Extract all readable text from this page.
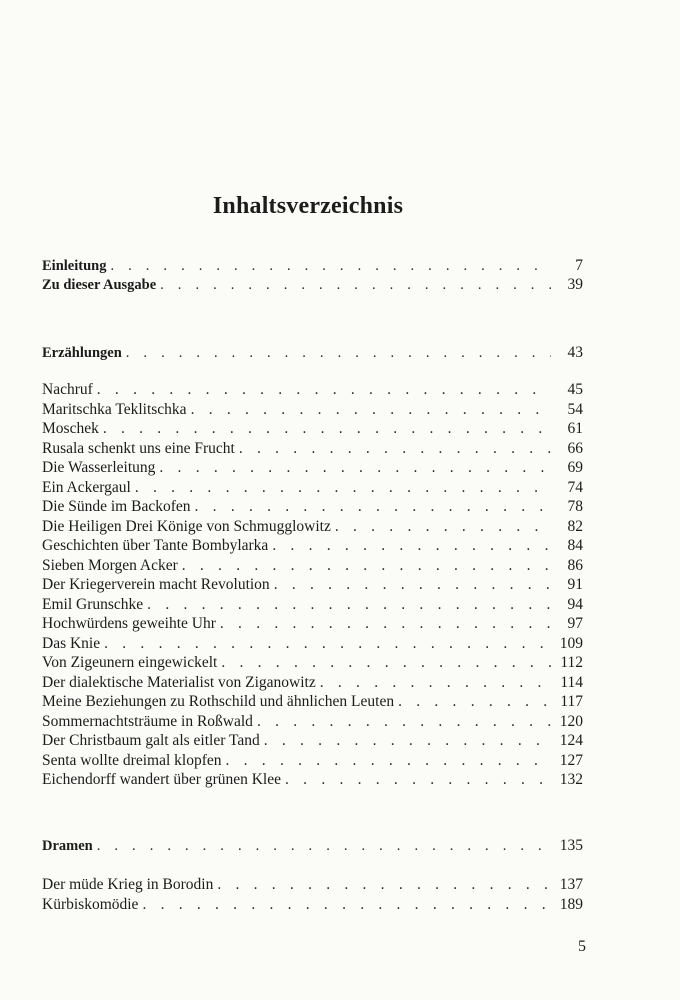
Inhaltsverzeichnis
Einleitung . . .	7
Zu dieser Ausgabe . . .	39
Erzählungen . . .	43
Nachruf . . .	45
Maritschka Teklitschka . . .	54
Moschek . . .	61
Rusala schenkt uns eine Frucht . . .	66
Die Wasserleitung . . .	69
Ein Ackergaul . . .	74
Die Sünde im Backofen . . .	78
Die Heiligen Drei Könige von Schmugglowitz . . .	82
Geschichten über Tante Bombylarka . . .	84
Sieben Morgen Acker . . .	86
Der Kriegerverein macht Revolution . . .	91
Emil Grunschke . . .	94
Hochwürdens geweihte Uhr . . .	97
Das Knie . . .	109
Von Zigeunern eingewickelt . . .	112
Der dialektische Materialist von Ziganowitz . . .	114
Meine Beziehungen zu Rothschild und ähnlichen Leuten . . .	117
Sommernachtsträume in Roßwald . . .	120
Der Christbaum galt als eitler Tand . . .	124
Senta wollte dreimal klopfen . . .	127
Eichendorff wandert über grünen Klee . . .	132
Dramen . . .	135
Der müde Krieg in Borodin . . .	137
Kürbiskomödie . . .	189
5
